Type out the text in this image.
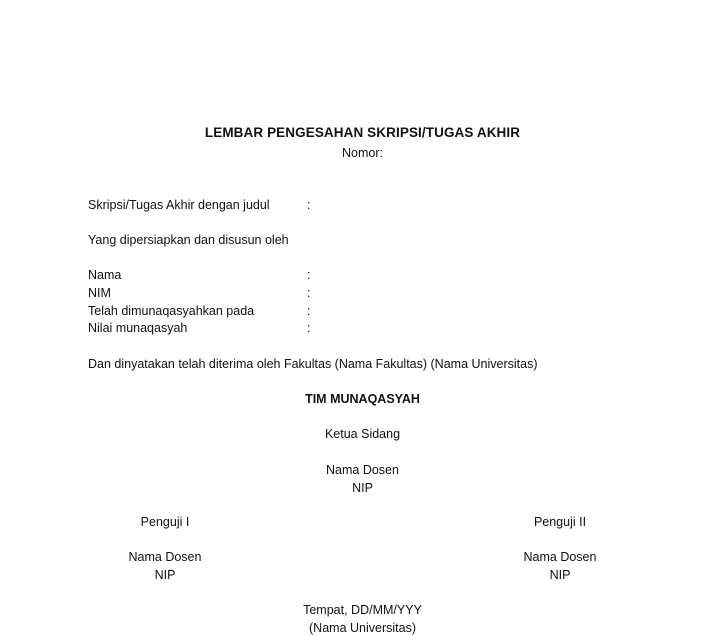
LEMBAR PENGESAHAN SKRIPSI/TUGAS AKHIR
Nomor:
Skripsi/Tugas Akhir dengan judul	:
Yang dipersiapkan dan disusun oleh
Nama	:
NIM	:
Telah dimunaqasyahkan pada	:
Nilai munaqasyah	:
Dan dinyatakan telah diterima oleh Fakultas (Nama Fakultas) (Nama Universitas)
TIM MUNAQASYAH
Ketua Sidang
Nama Dosen
NIP
Penguji I
Nama Dosen
NIP
Penguji II
Nama Dosen
NIP
Tempat, DD/MM/YYY
(Nama Universitas)
